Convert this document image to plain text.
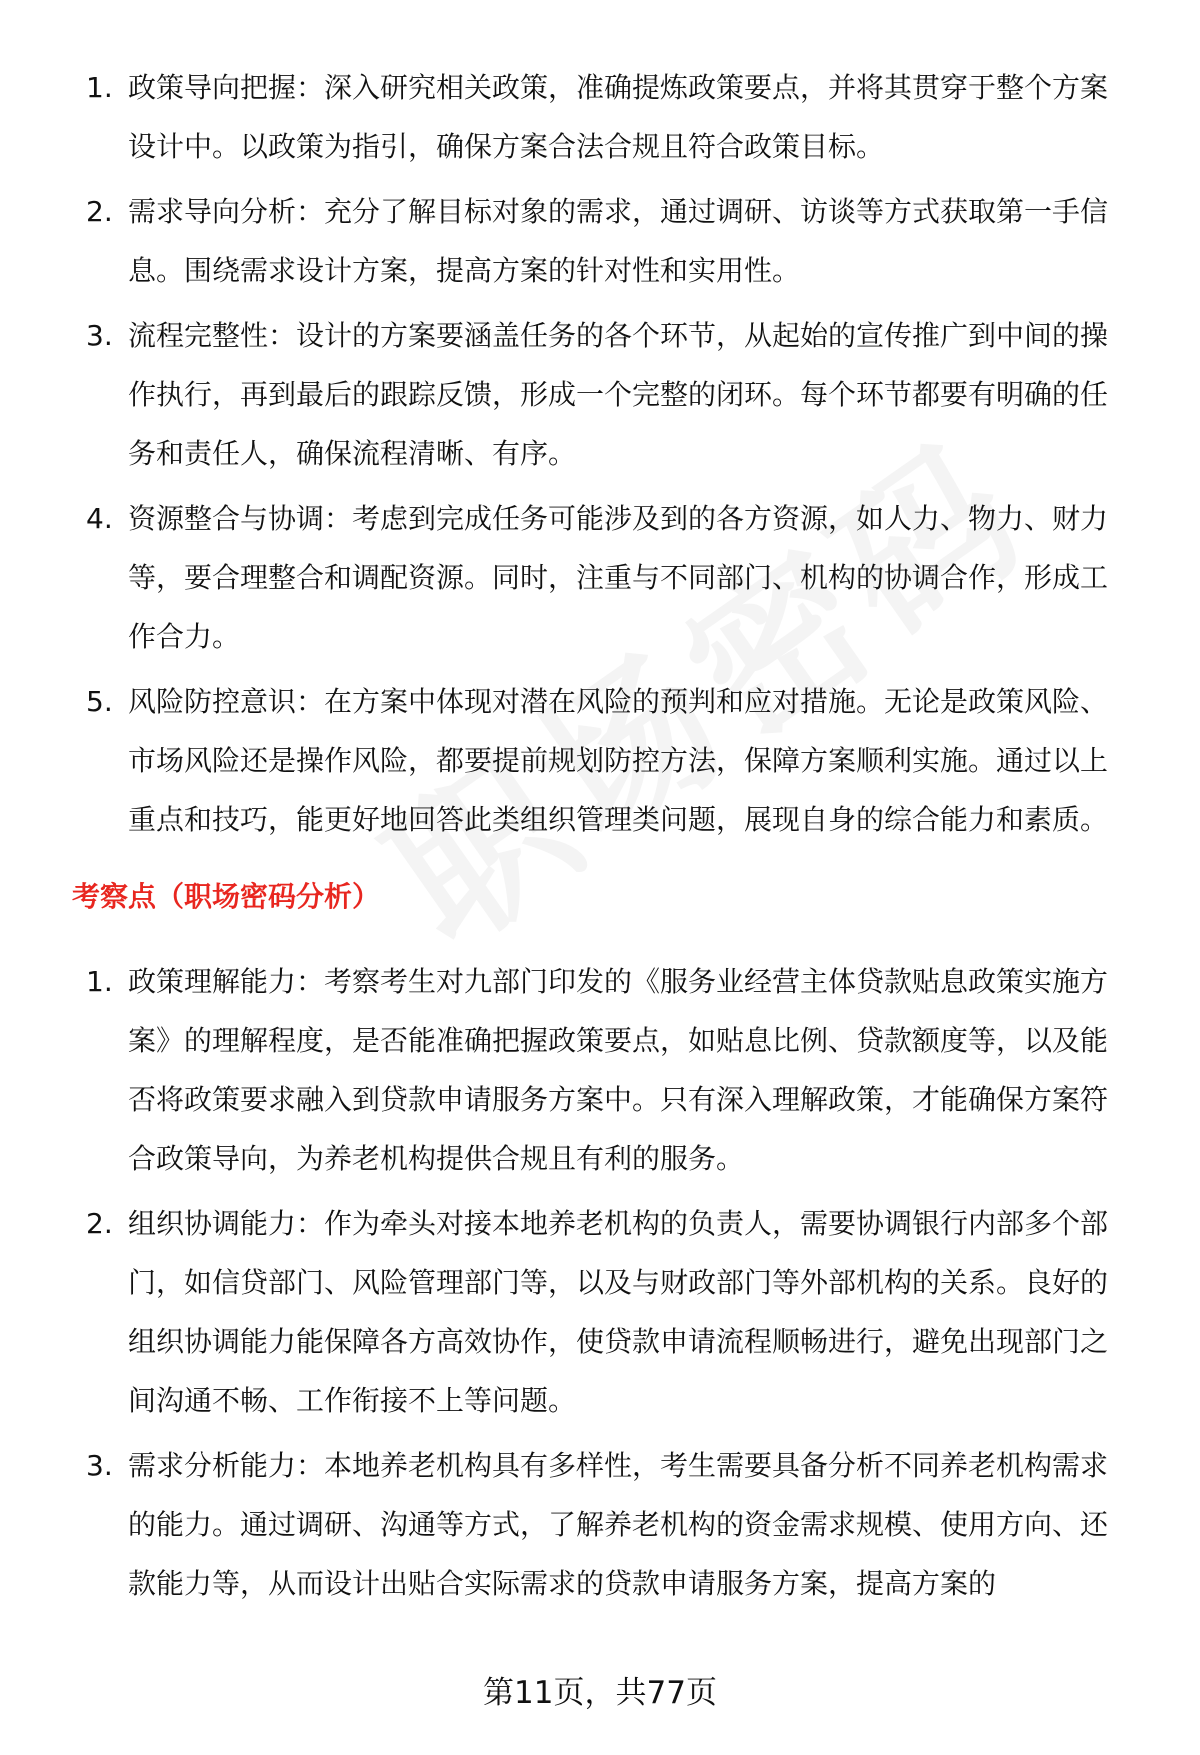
1. 政策导向把握：深入研究相关政策，准确提炼政策要点，并将其贯穿于整个方案设计中。以政策为指引，确保方案合法合规且符合政策目标。
2. 需求导向分析：充分了解目标对象的需求，通过调研、访谈等方式获取第一手信息。围绕需求设计方案，提高方案的针对性和实用性。
3. 流程完整性：设计的方案要涵盖任务的各个环节，从起始的宣传推广到中间的操作执行，再到最后的跟踪反馈，形成一个完整的闭环。每个环节都要有明确的任务和责任人，确保流程清晰、有序。
4. 资源整合与协调：考虑到完成任务可能涉及到的各方资源，如人力、物力、财力等，要合理整合和调配资源。同时，注重与不同部门、机构的协调合作，形成工作合力。
5. 风险防控意识：在方案中体现对潜在风险的预判和应对措施。无论是政策风险、市场风险还是操作风险，都要提前规划防控方法，保障方案顺利实施。通过以上重点和技巧，能更好地回答此类组织管理类问题，展现自身的综合能力和素质。
考察点（职场密码分析）
1. 政策理解能力：考察考生对九部门印发的《服务业经营主体贷款贴息政策实施方案》的理解程度，是否能准确把握政策要点，如贴息比例、贷款额度等，以及能否将政策要求融入到贷款申请服务方案中。只有深入理解政策，才能确保方案符合政策导向，为养老机构提供合规且有利的服务。
2. 组织协调能力：作为牵头对接本地养老机构的负责人，需要协调银行内部多个部门，如信贷部门、风险管理部门等，以及与财政部门等外部机构的关系。良好的组织协调能力能保障各方高效协作，使贷款申请流程顺畅进行，避免出现部门之间沟通不畅、工作衔接不上等问题。
3. 需求分析能力：本地养老机构具有多样性，考生需要具备分析不同养老机构需求的能力。通过调研、沟通等方式，了解养老机构的资金需求规模、使用方向、还款能力等，从而设计出贴合实际需求的贷款申请服务方案，提高方案的
第11页，共77页
